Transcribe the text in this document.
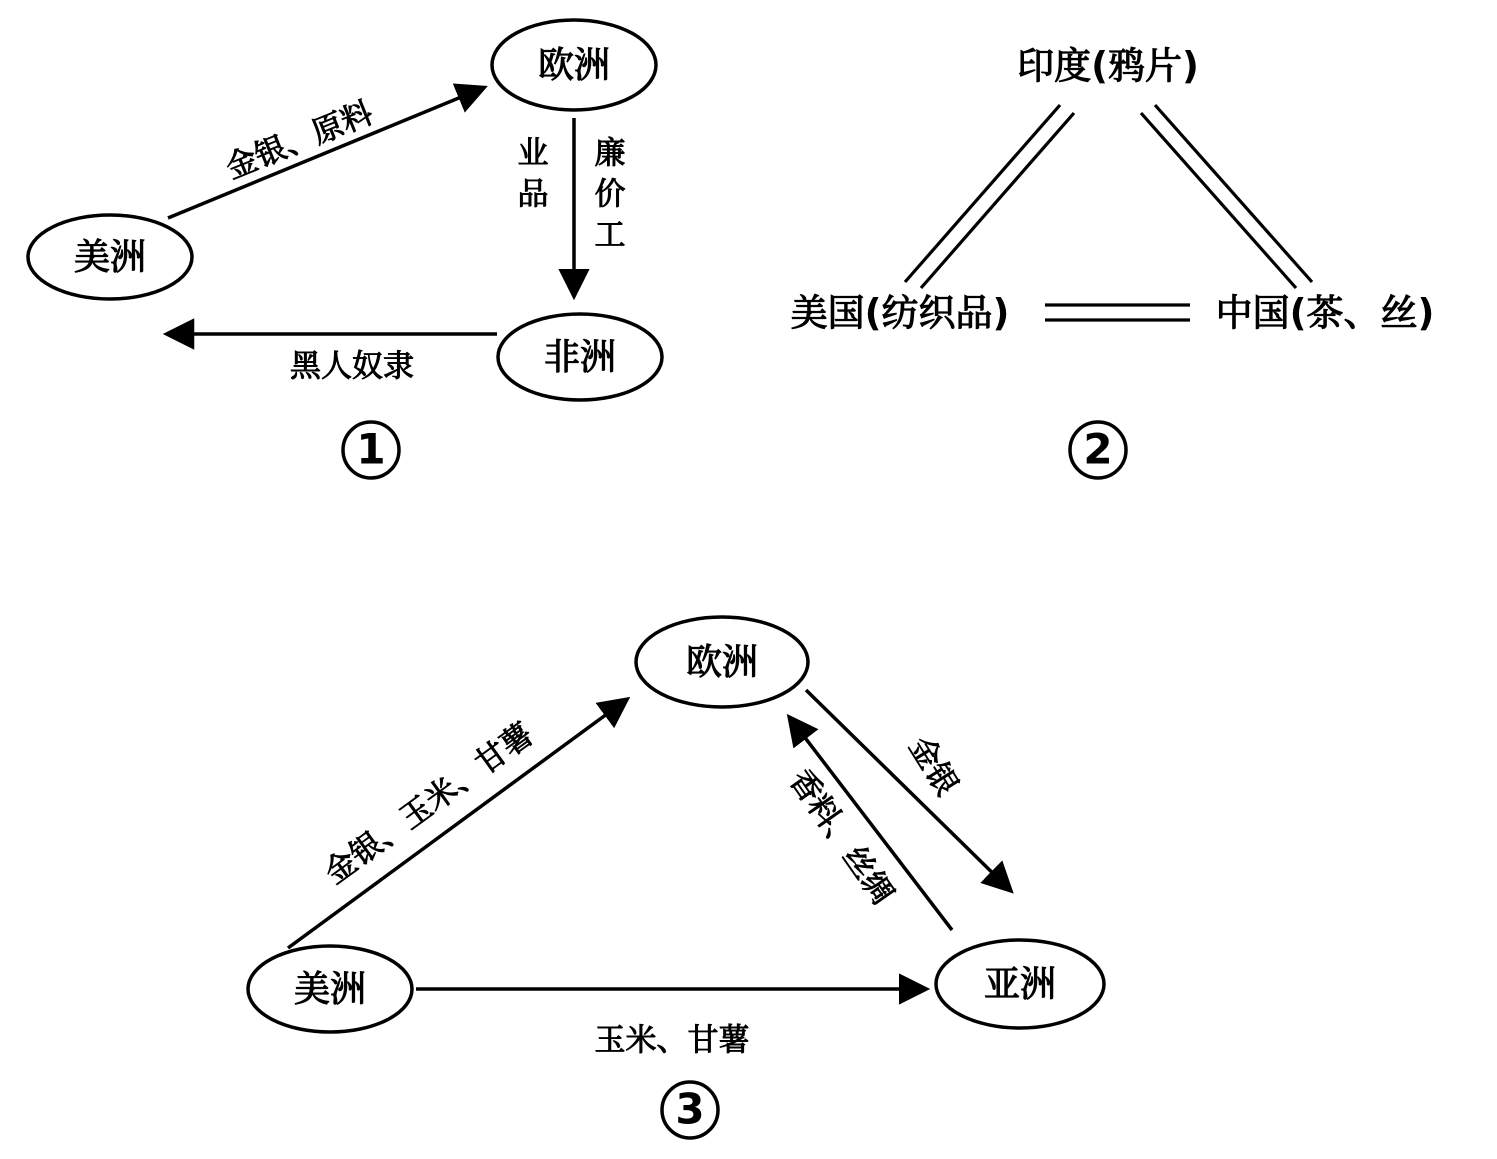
美洲
欧洲
非洲
金银、原料	业
品
廉
价
工
黑人奴隶
1
印度(鸦片)
美国(纺织品)	中国(茶、丝)
2
欧洲
美洲	亚洲
金银、玉米、甘薯	金银
香料、丝绸
玉米、甘薯
3
